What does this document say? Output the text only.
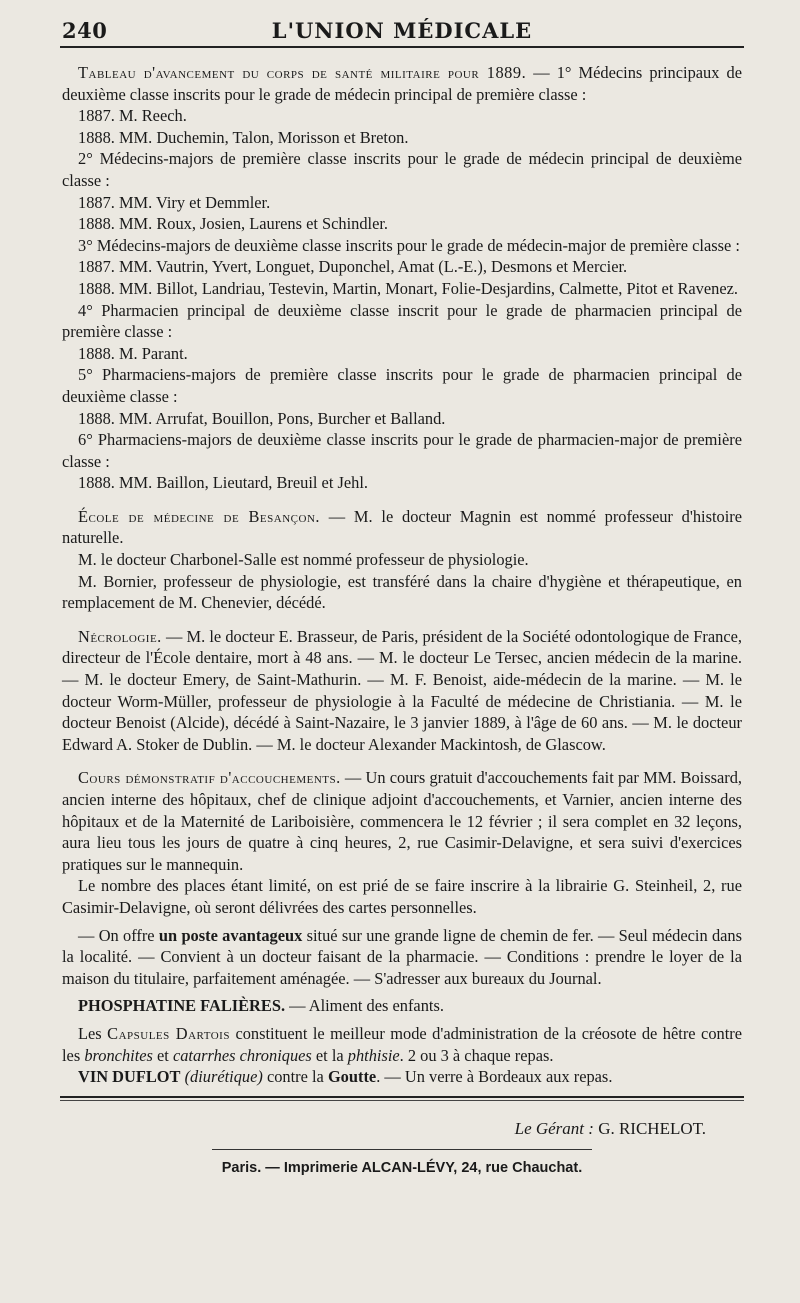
240	L'UNION MÉDICALE

Tableau d'avancement du corps de santé militaire pour 1889. — 1° Médecins principaux de deuxième classe inscrits pour le grade de médecin principal de première classe :

1887. M. Reech.

1888. MM. Duchemin, Talon, Morisson et Breton.

2° Médecins-majors de première classe inscrits pour le grade de médecin principal de deuxième classe :

1887. MM. Viry et Demmler.

1888. MM. Roux, Josien, Laurens et Schindler.

3° Médecins-majors de deuxième classe inscrits pour le grade de médecin-major de première classe :

1887. MM. Vautrin, Yvert, Longuet, Duponchel, Amat (L.-E.), Desmons et Mercier.

1888. MM. Billot, Landriau, Testevin, Martin, Monart, Folie-Desjardins, Calmette, Pitot et Ravenez.

4° Pharmacien principal de deuxième classe inscrit pour le grade de pharmacien principal de première classe :

1888. M. Parant.

5° Pharmaciens-majors de première classe inscrits pour le grade de pharmacien principal de deuxième classe :

1888. MM. Arrufat, Bouillon, Pons, Burcher et Balland.

6° Pharmaciens-majors de deuxième classe inscrits pour le grade de pharmacien-major de première classe :

1888. MM. Baillon, Lieutard, Breuil et Jehl.

École de médecine de Besançon. — M. le docteur Magnin est nommé professeur d'histoire naturelle.

M. le docteur Charbonel-Salle est nommé professeur de physiologie.

M. Bornier, professeur de physiologie, est transféré dans la chaire d'hygiène et thérapeutique, en remplacement de M. Chenevier, décédé.

Nécrologie. — M. le docteur E. Brasseur, de Paris, président de la Société odontologique de France, directeur de l'École dentaire, mort à 48 ans. — M. le docteur Le Tersec, ancien médecin de la marine. — M. le docteur Emery, de Saint-Mathurin. — M. F. Benoist, aide-médecin de la marine. — M. le docteur Worm-Müller, professeur de physiologie à la Faculté de médecine de Christiania. — M. le docteur Benoist (Alcide), décédé à Saint-Nazaire, le 3 janvier 1889, à l'âge de 60 ans. — M. le docteur Edward A. Stoker de Dublin. — M. le docteur Alexander Mackintosh, de Glascow.

Cours démonstratif d'accouchements. — Un cours gratuit d'accouchements fait par MM. Boissard, ancien interne des hôpitaux, chef de clinique adjoint d'accouchements, et Varnier, ancien interne des hôpitaux et de la Maternité de Lariboisière, commencera le 12 février ; il sera complet en 32 leçons, aura lieu tous les jours de quatre à cinq heures, 2, rue Casimir-Delavigne, et sera suivi d'exercices pratiques sur le mannequin.

Le nombre des places étant limité, on est prié de se faire inscrire à la librairie G. Steinheil, 2, rue Casimir-Delavigne, où seront délivrées des cartes personnelles.

— On offre un poste avantageux situé sur une grande ligne de chemin de fer. — Seul médecin dans la localité. — Convient à un docteur faisant de la pharmacie. — Conditions : prendre le loyer de la maison du titulaire, parfaitement aménagée. — S'adresser aux bureaux du Journal.

PHOSPHATINE FALIÈRES. — Aliment des enfants.

Les Capsules Dartois constituent le meilleur mode d'administration de la créosote de hêtre contre les bronchites et catarrhes chroniques et la phthisie. 2 ou 3 à chaque repas.

VIN DUFLOT (diurétique) contre la Goutte. — Un verre à Bordeaux aux repas.

Le Gérant : G. RICHELOT.
Paris. — Imprimerie ALCAN-LÉVY, 24, rue Chauchat.
